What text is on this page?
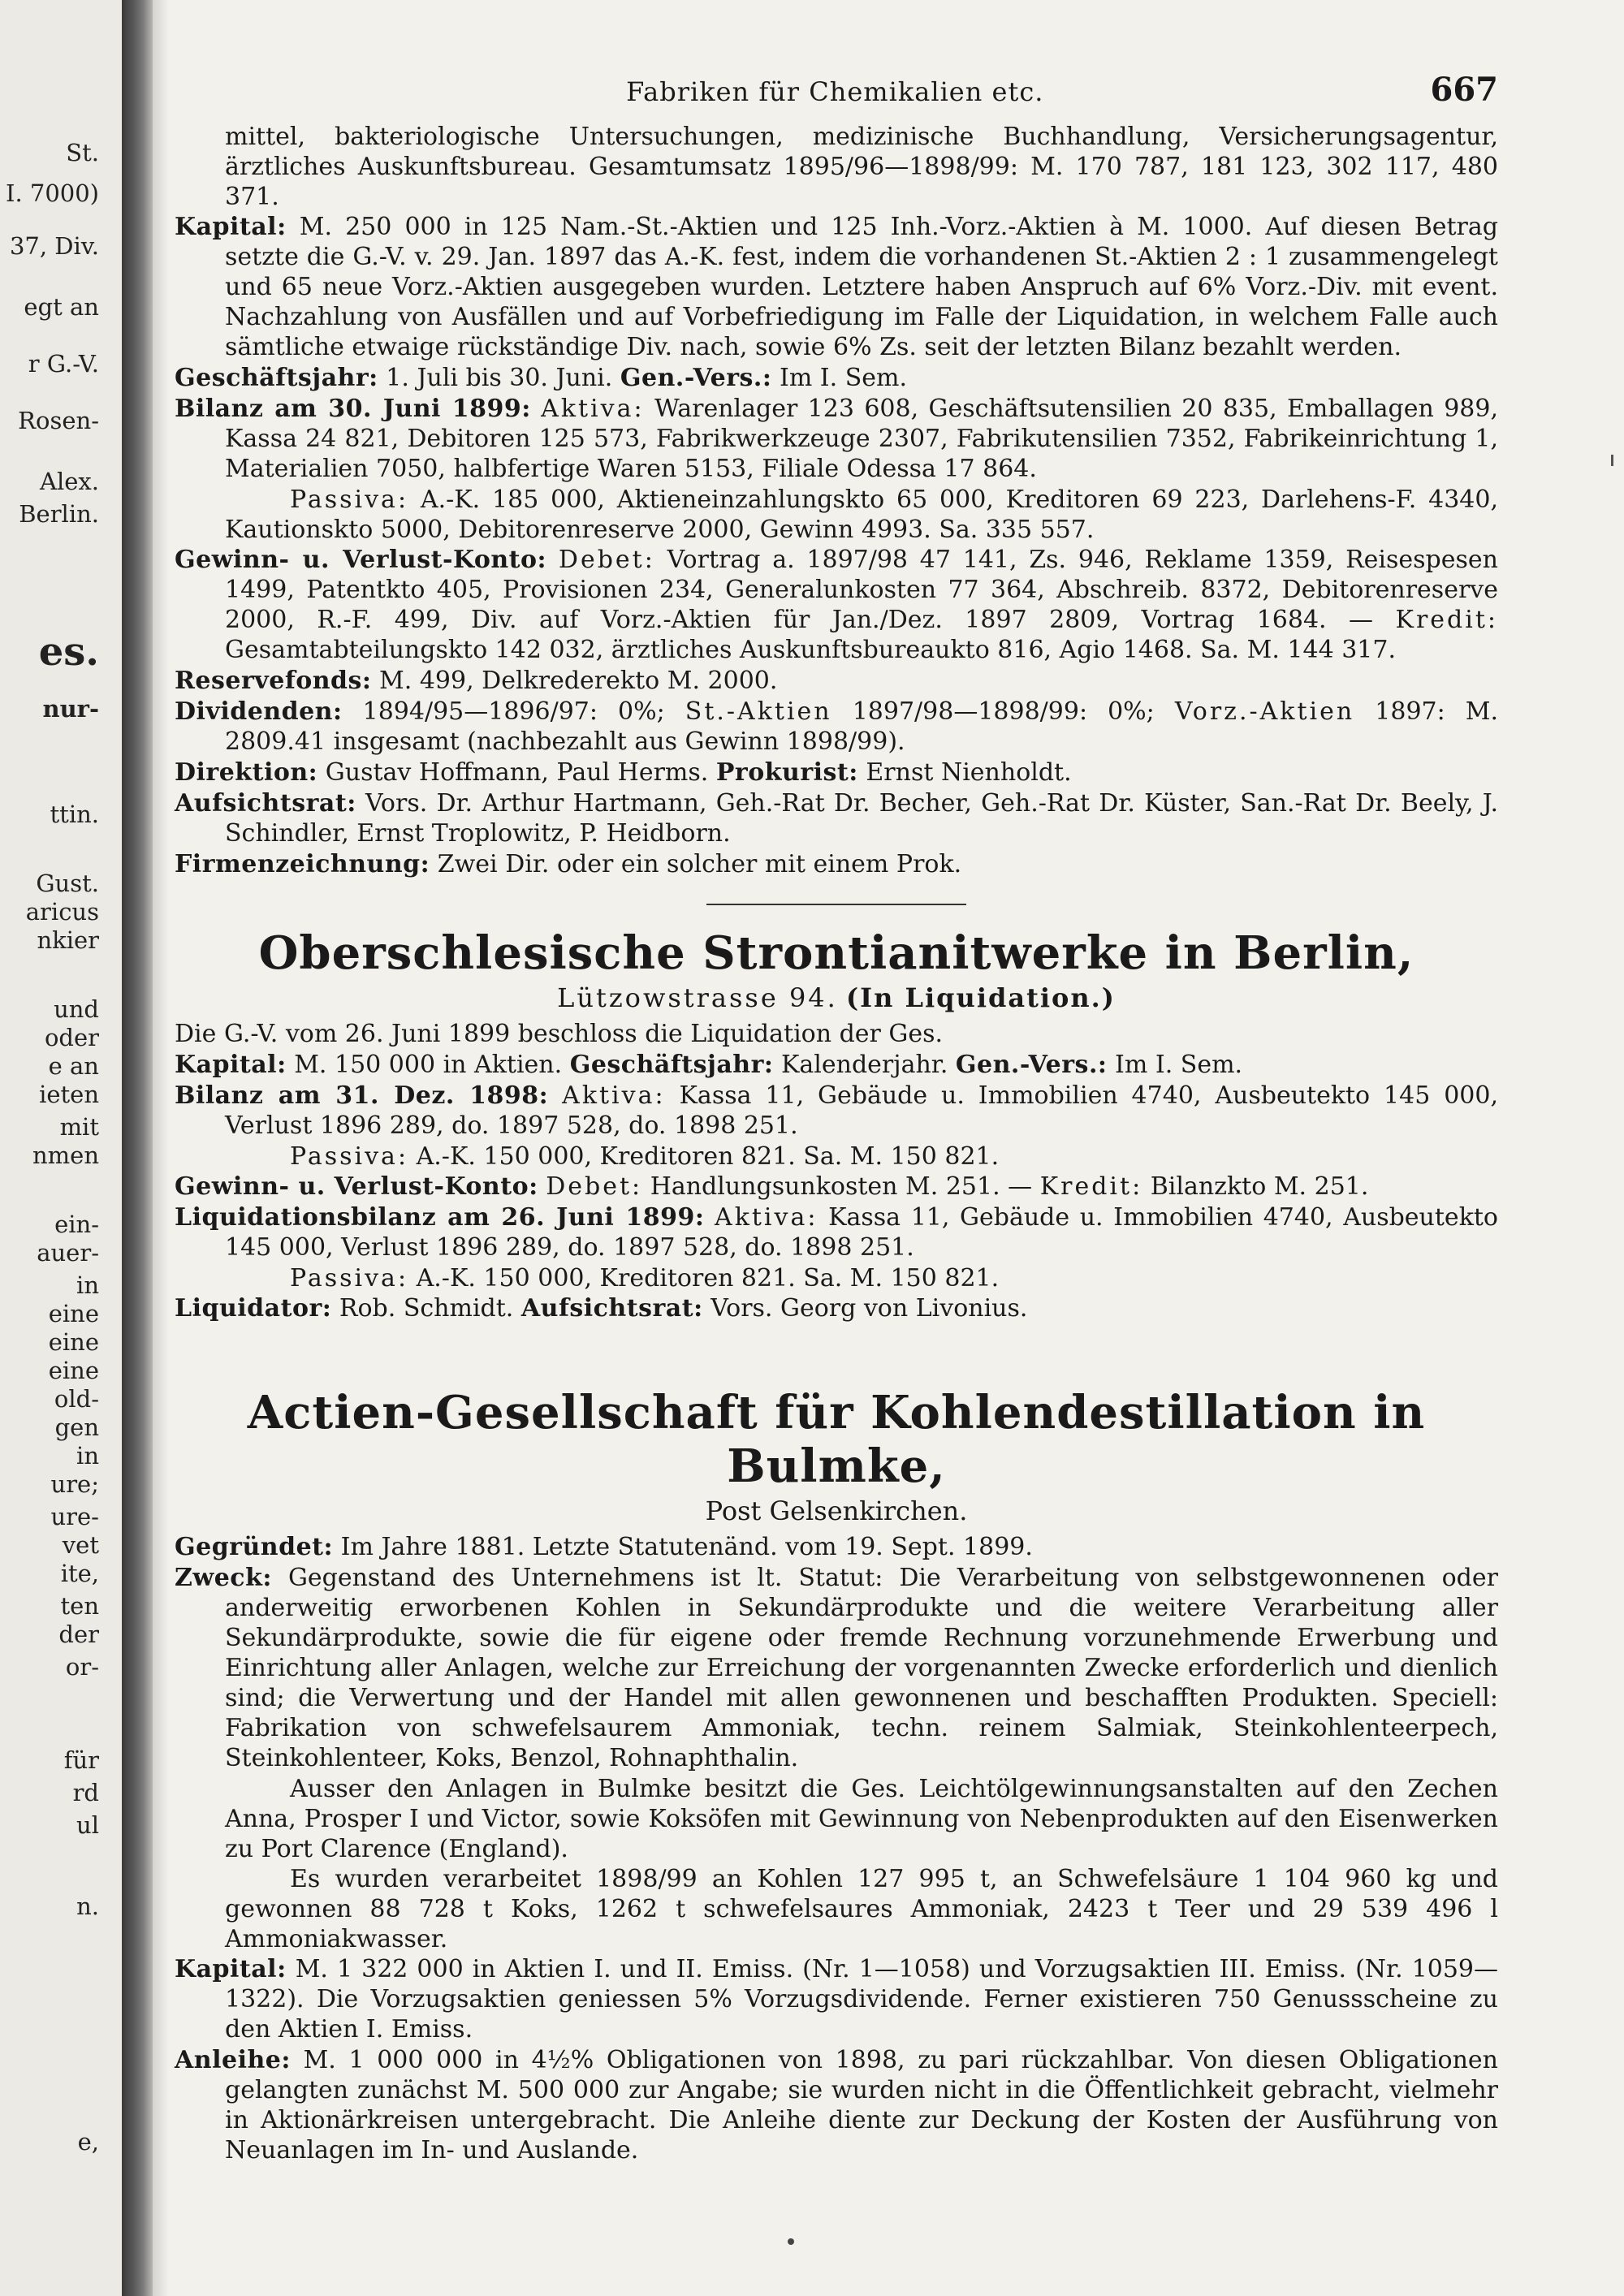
St.
I. 7000)
37, Div.
egt an
r G.-V.
Rosen-
Alex.
Berlin.
es.
nur-
ttin.
Gust.
aricus
nkier
und
oder
e an
ieten
mit
nmen
ein-
auer-
in
eine
eine
eine
old-
gen
in
ure;
ure-
vet
ite,
ten
der
or-
für
rd
ul
n.
e,
Fabriken für Chemikalien etc.	667

mittel, bakteriologische Untersuchungen, medizinische Buchhandlung, Versicherungsagentur, ärztliches Auskunftsbureau. Gesamtumsatz 1895/96—1898/99: M. 170 787, 181 123, 302 117, 480 371.

Kapital: M. 250 000 in 125 Nam.-St.-Aktien und 125 Inh.-Vorz.-Aktien à M. 1000. Auf diesen Betrag setzte die G.-V. v. 29. Jan. 1897 das A.-K. fest, indem die vorhandenen St.-Aktien 2 : 1 zusammengelegt und 65 neue Vorz.-Aktien ausgegeben wurden. Letztere haben Anspruch auf 6% Vorz.-Div. mit event. Nachzahlung von Ausfällen und auf Vorbefriedigung im Falle der Liquidation, in welchem Falle auch sämtliche etwaige rückständige Div. nach, sowie 6% Zs. seit der letzten Bilanz bezahlt werden.

Geschäftsjahr: 1. Juli bis 30. Juni. Gen.-Vers.: Im I. Sem.

Bilanz am 30. Juni 1899: Aktiva: Warenlager 123 608, Geschäftsutensilien 20 835, Emballagen 989, Kassa 24 821, Debitoren 125 573, Fabrikwerkzeuge 2307, Fabrikutensilien 7352, Fabrikeinrichtung 1, Materialien 7050, halbfertige Waren 5153, Filiale Odessa 17 864.

Passiva: A.-K. 185 000, Aktieneinzahlungskto 65 000, Kreditoren 69 223, Darlehens-F. 4340, Kautionskto 5000, Debitorenreserve 2000, Gewinn 4993. Sa. 335 557.

Gewinn- u. Verlust-Konto: Debet: Vortrag a. 1897/98 47 141, Zs. 946, Reklame 1359, Reisespesen 1499, Patentkto 405, Provisionen 234, Generalunkosten 77 364, Abschreib. 8372, Debitorenreserve 2000, R.-F. 499, Div. auf Vorz.-Aktien für Jan./Dez. 1897 2809, Vortrag 1684. — Kredit: Gesamtabteilungskto 142 032, ärztliches Auskunftsbureaukto 816, Agio 1468. Sa. M. 144 317.

Reservefonds: M. 499, Delkrederekto M. 2000.

Dividenden: 1894/95—1896/97: 0%; St.-Aktien 1897/98—1898/99: 0%; Vorz.-Aktien 1897: M. 2809.41 insgesamt (nachbezahlt aus Gewinn 1898/99).

Direktion: Gustav Hoffmann, Paul Herms. Prokurist: Ernst Nienholdt.

Aufsichtsrat: Vors. Dr. Arthur Hartmann, Geh.-Rat Dr. Becher, Geh.-Rat Dr. Küster, San.-Rat Dr. Beely, J. Schindler, Ernst Troplowitz, P. Heidborn.

Firmenzeichnung: Zwei Dir. oder ein solcher mit einem Prok.

Oberschlesische Strontianitwerke in Berlin,
Lützowstrasse 94. (In Liquidation.)

Die G.-V. vom 26. Juni 1899 beschloss die Liquidation der Ges.

Kapital: M. 150 000 in Aktien. Geschäftsjahr: Kalenderjahr. Gen.-Vers.: Im I. Sem.

Bilanz am 31. Dez. 1898: Aktiva: Kassa 11, Gebäude u. Immobilien 4740, Ausbeutekto 145 000, Verlust 1896 289, do. 1897 528, do. 1898 251.

Passiva: A.-K. 150 000, Kreditoren 821. Sa. M. 150 821.

Gewinn- u. Verlust-Konto: Debet: Handlungsunkosten M. 251. — Kredit: Bilanzkto M. 251.

Liquidationsbilanz am 26. Juni 1899: Aktiva: Kassa 11, Gebäude u. Immobilien 4740, Ausbeutekto 145 000, Verlust 1896 289, do. 1897 528, do. 1898 251.

Passiva: A.-K. 150 000, Kreditoren 821. Sa. M. 150 821.

Liquidator: Rob. Schmidt. Aufsichtsrat: Vors. Georg von Livonius.

Actien-Gesellschaft für Kohlendestillation in Bulmke,
Post Gelsenkirchen.

Gegründet: Im Jahre 1881. Letzte Statutenänd. vom 19. Sept. 1899.

Zweck: Gegenstand des Unternehmens ist lt. Statut: Die Verarbeitung von selbstgewonnenen oder anderweitig erworbenen Kohlen in Sekundärprodukte und die weitere Verarbeitung aller Sekundärprodukte, sowie die für eigene oder fremde Rechnung vorzunehmende Erwerbung und Einrichtung aller Anlagen, welche zur Erreichung der vorgenannten Zwecke erforderlich und dienlich sind; die Verwertung und der Handel mit allen gewonnenen und beschafften Produkten. Speciell: Fabrikation von schwefelsaurem Ammoniak, techn. reinem Salmiak, Steinkohlenteerpech, Steinkohlenteer, Koks, Benzol, Rohnaphthalin.

Ausser den Anlagen in Bulmke besitzt die Ges. Leichtölgewinnungsanstalten auf den Zechen Anna, Prosper I und Victor, sowie Koksöfen mit Gewinnung von Nebenprodukten auf den Eisenwerken zu Port Clarence (England).

Es wurden verarbeitet 1898/99 an Kohlen 127 995 t, an Schwefelsäure 1 104 960 kg und gewonnen 88 728 t Koks, 1262 t schwefelsaures Ammoniak, 2423 t Teer und 29 539 496 l Ammoniakwasser.

Kapital: M. 1 322 000 in Aktien I. und II. Emiss. (Nr. 1—1058) und Vorzugsaktien III. Emiss. (Nr. 1059—1322). Die Vorzugsaktien geniessen 5% Vorzugsdividende. Ferner existieren 750 Genussscheine zu den Aktien I. Emiss.

Anleihe: M. 1 000 000 in 4½% Obligationen von 1898, zu pari rückzahlbar. Von diesen Obligationen gelangten zunächst M. 500 000 zur Angabe; sie wurden nicht in die Öffentlichkeit gebracht, vielmehr in Aktionärkreisen untergebracht. Die Anleihe diente zur Deckung der Kosten der Ausführung von Neuanlagen im In- und Auslande.
